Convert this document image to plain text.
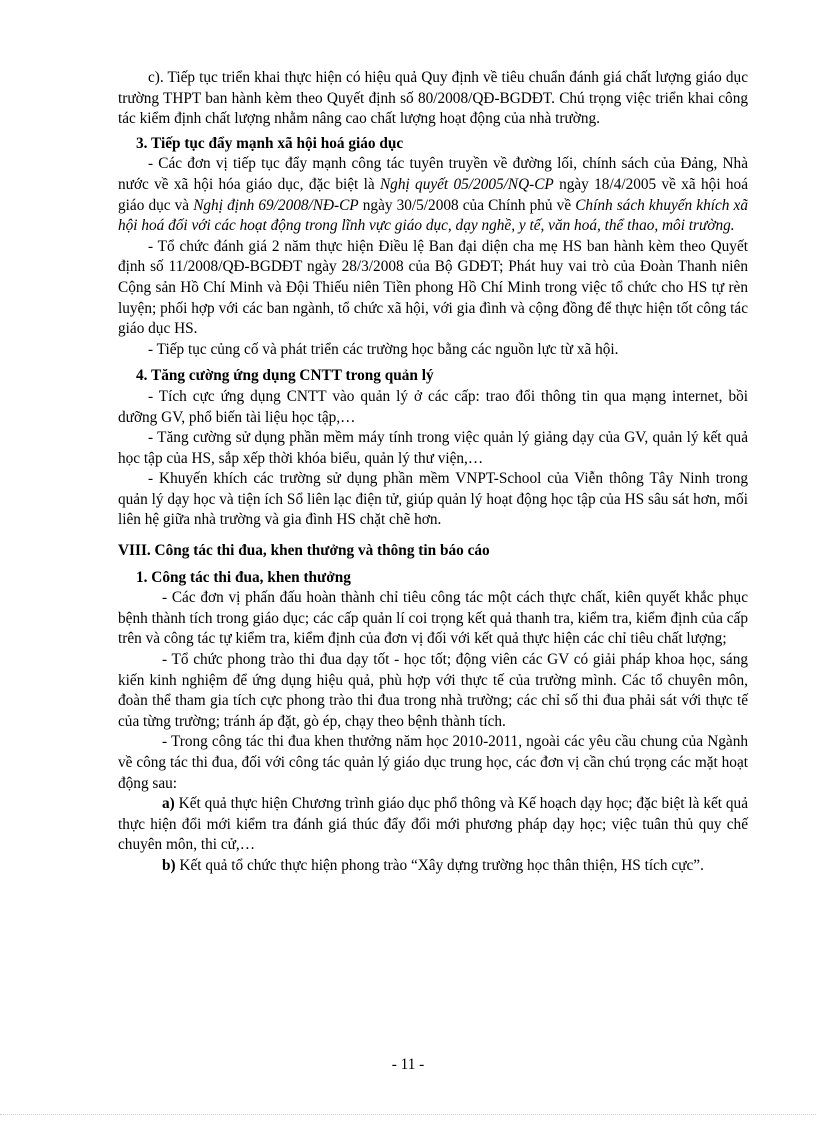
c). Tiếp tục triển khai thực hiện có hiệu quả Quy định về tiêu chuẩn đánh giá chất lượng giáo dục trường THPT ban hành kèm theo Quyết định số 80/2008/QĐ-BGDĐT. Chú trọng việc triển khai công tác kiểm định chất lượng nhằm nâng cao chất lượng hoạt động của nhà trường.

3. Tiếp tục đẩy mạnh xã hội hoá giáo dục

- Các đơn vị tiếp tục đẩy mạnh công tác tuyên truyền về đường lối, chính sách của Đảng, Nhà nước về xã hội hóa giáo dục, đặc biệt là Nghị quyết 05/2005/NQ-CP ngày 18/4/2005 về xã hội hoá giáo dục và Nghị định 69/2008/NĐ-CP ngày 30/5/2008 của Chính phủ về Chính sách khuyến khích xã hội hoá đối với các hoạt động trong lĩnh vực giáo dục, dạy nghề, y tế, văn hoá, thể thao, môi trường.

- Tổ chức đánh giá 2 năm thực hiện Điều lệ Ban đại diện cha mẹ HS ban hành kèm theo Quyết định số 11/2008/QĐ-BGDĐT ngày 28/3/2008 của Bộ GDĐT; Phát huy vai trò của Đoàn Thanh niên Cộng sản Hồ Chí Minh và Đội Thiếu niên Tiền phong Hồ Chí Minh trong việc tổ chức cho HS tự rèn luyện; phối hợp với các ban ngành, tổ chức xã hội, với gia đình và cộng đồng để thực hiện tốt công tác giáo dục HS.

- Tiếp tục củng cố và phát triển các trường học bằng các nguồn lực từ xã hội.

4. Tăng cường ứng dụng CNTT trong quản lý

- Tích cực ứng dụng CNTT vào quản lý ở các cấp: trao đổi thông tin qua mạng internet, bồi dưỡng GV, phổ biến tài liệu học tập,…

- Tăng cường sử dụng phần mềm máy tính trong việc quản lý giảng dạy của GV, quản lý kết quả học tập của HS, sắp xếp thời khóa biểu, quản lý thư viện,…

- Khuyến khích các trường sử dụng phần mềm VNPT-School của Viễn thông Tây Ninh trong quản lý dạy học và tiện ích Sổ liên lạc điện tử, giúp quản lý hoạt động học tập của HS sâu sát hơn, mối liên hệ giữa nhà trường và gia đình HS chặt chẽ hơn.

VIII. Công tác thi đua, khen thưởng và thông tin báo cáo

1. Công tác thi đua, khen thưởng

- Các đơn vị phấn đấu hoàn thành chỉ tiêu công tác một cách thực chất, kiên quyết khắc phục bệnh thành tích trong giáo dục; các cấp quản lí coi trọng kết quả thanh tra, kiểm tra, kiểm định của cấp trên và công tác tự kiểm tra, kiểm định của đơn vị đối với kết quả thực hiện các chỉ tiêu chất lượng;

- Tổ chức phong trào thi đua dạy tốt - học tốt; động viên các GV có giải pháp khoa học, sáng kiến kinh nghiệm để ứng dụng hiệu quả, phù hợp với thực tế của trường mình. Các tổ chuyên môn, đoàn thể tham gia tích cực phong trào thi đua trong nhà trường; các chỉ số thi đua phải sát với thực tế của từng trường; tránh áp đặt, gò ép, chạy theo bệnh thành tích.

- Trong công tác thi đua khen thưởng năm học 2010-2011, ngoài các yêu cầu chung của Ngành về công tác thi đua, đối với công tác quản lý giáo dục trung học, các đơn vị cần chú trọng các mặt hoạt động sau:

a) Kết quả thực hiện Chương trình giáo dục phổ thông và Kế hoạch dạy học; đặc biệt là kết quả thực hiện đổi mới kiểm tra đánh giá thúc đẩy đổi mới phương pháp dạy học; việc tuân thủ quy chế chuyên môn, thi cử,…

b) Kết quả tổ chức thực hiện phong trào “Xây dựng trường học thân thiện, HS tích cực”.

- 11 -
